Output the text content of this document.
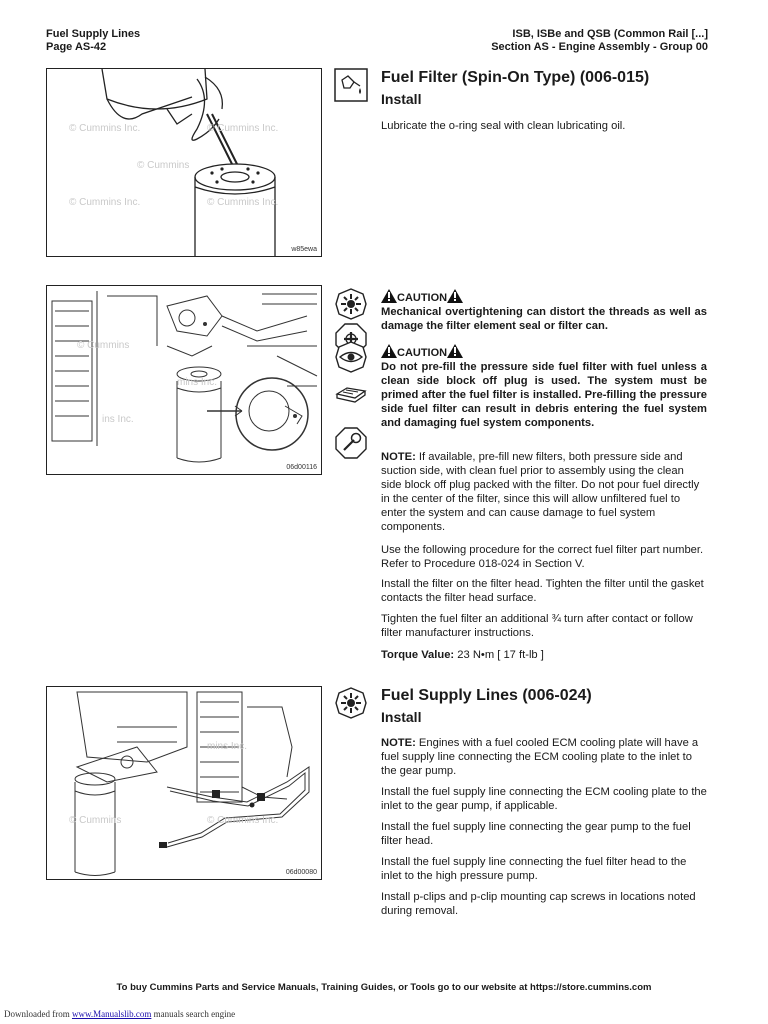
Fuel Supply Lines
Page AS-42
ISB, ISBe and QSB (Common Rail [...]
Section AS - Engine Assembly - Group 00
© Cummins Inc.	© Cummins Inc.
© Cummins
© Cummins Inc.	© Cummins Inc.
w85ewa
Fuel Filter (Spin-On Type) (006-015)
Install
Lubricate the o-ring seal with clean lubricating oil.
© Cummins
mins Inc.
ins Inc.
06d00116
CAUTION
Mechanical overtightening can distort the threads as well as damage the filter element seal or filter can.
CAUTION
Do not pre-fill the pressure side fuel filter with fuel unless a clean side block off plug is used. The system must be primed after the fuel filter is installed. Pre-filling the pressure side fuel filter can result in debris entering the fuel system and damaging fuel system components.
NOTE: If available, pre-fill new filters, both pressure side and suction side, with clean fuel prior to assembly using the clean side block off plug packed with the filter. Do not pour fuel directly in the center of the filter, since this will allow unfiltered fuel to enter the system and can cause damage to fuel system components.
Use the following procedure for the correct fuel filter part number. Refer to Procedure 018-024 in Section V.
Install the filter on the filter head. Tighten the filter until the gasket contacts the filter head surface.
Tighten the fuel filter an additional ¾ turn after contact or follow filter manufacturer instructions.
Torque Value: 23 N•m [ 17 ft-lb ]
mins Inc.
© Cummins	© Cummins Inc.
06d00080
Fuel Supply Lines (006-024)
Install
NOTE: Engines with a fuel cooled ECM cooling plate will have a fuel supply line connecting the ECM cooling plate to the inlet to the gear pump.
Install the fuel supply line connecting the ECM cooling plate to the inlet to the gear pump, if applicable.
Install the fuel supply line connecting the gear pump to the fuel filter head.
Install the fuel supply line connecting the fuel filter head to the inlet to the high pressure pump.
Install p-clips and p-clip mounting cap screws in locations noted during removal.
To buy Cummins Parts and Service Manuals, Training Guides, or Tools go to our website at https://store.cummins.com
Downloaded from www.Manualslib.com manuals search engine
